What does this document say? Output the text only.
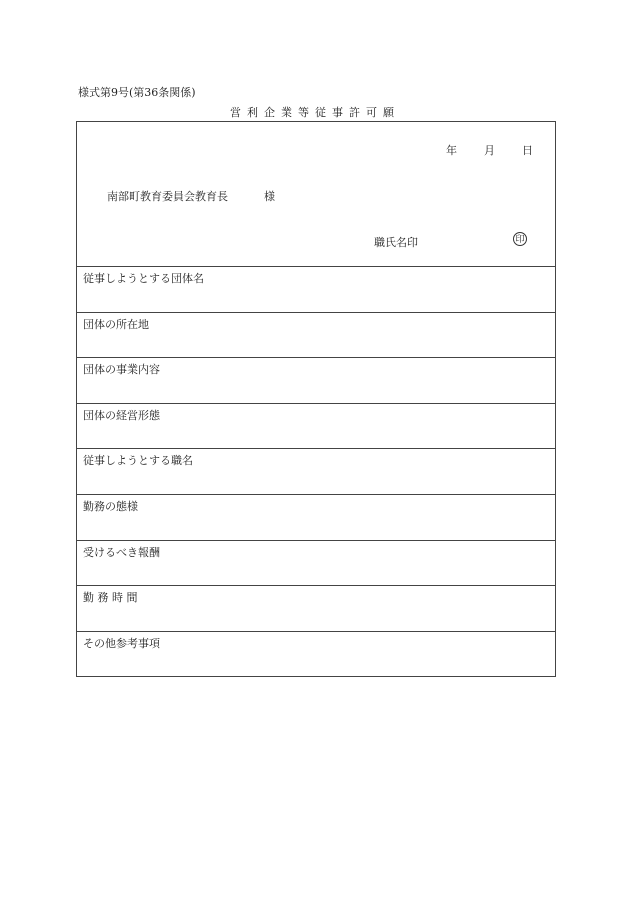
様式第9号(第36条関係)
営利企業等従事許可願
年 月 日
南部町教育委員会教育長	様
職氏名印	印
従事しようとする団体名
団体の所在地
団体の事業内容
団体の経営形態
従事しようとする職名
勤務の態様
受けるべき報酬
勤 務 時 間
その他参考事項
